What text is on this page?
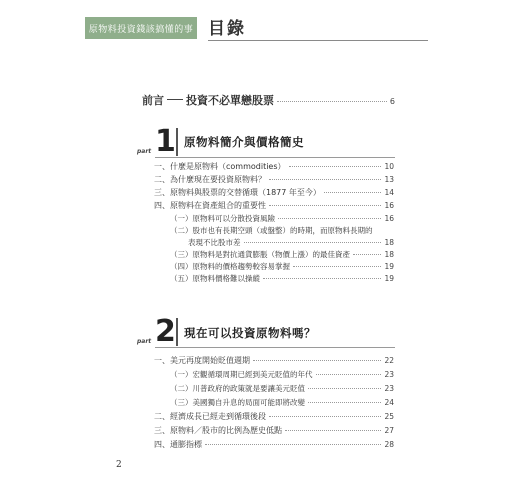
原物料投資錢該搞懂的事 目錄
前言 投資不必單戀股票	6
part 1 原物料簡介與價格簡史
一、什麼是原物料（commodities）	10
二、為什麼現在要投資原物料？	13
三、原物料與股票的交替循環（1877 年至今）	14
四、原物料在資產組合的重要性	16
（一）原物料可以分散投資風險	16
（二）股市也有長期空頭（或盤整）的時期，而原物料長期的
表現不比股市差	18
（三）原物料是對抗通貨膨脹（物價上漲）的最佳資產	18
（四）原物料的價格趨勢較容易掌握	19
（五）原物料價格難以操縱	19
part 2 現在可以投資原物料嗎？
一、美元再度開始貶值週期	22
（一）宏觀循環周期已經到美元貶值的年代	23
（二）川普政府的政策就是要讓美元貶值	23
（三）美國獨自升息的局面可能即將改變	24
二、經濟成長已經走到循環後段	25
三、原物料／股市的比例為歷史低點	27
四、通膨指標	28
2
